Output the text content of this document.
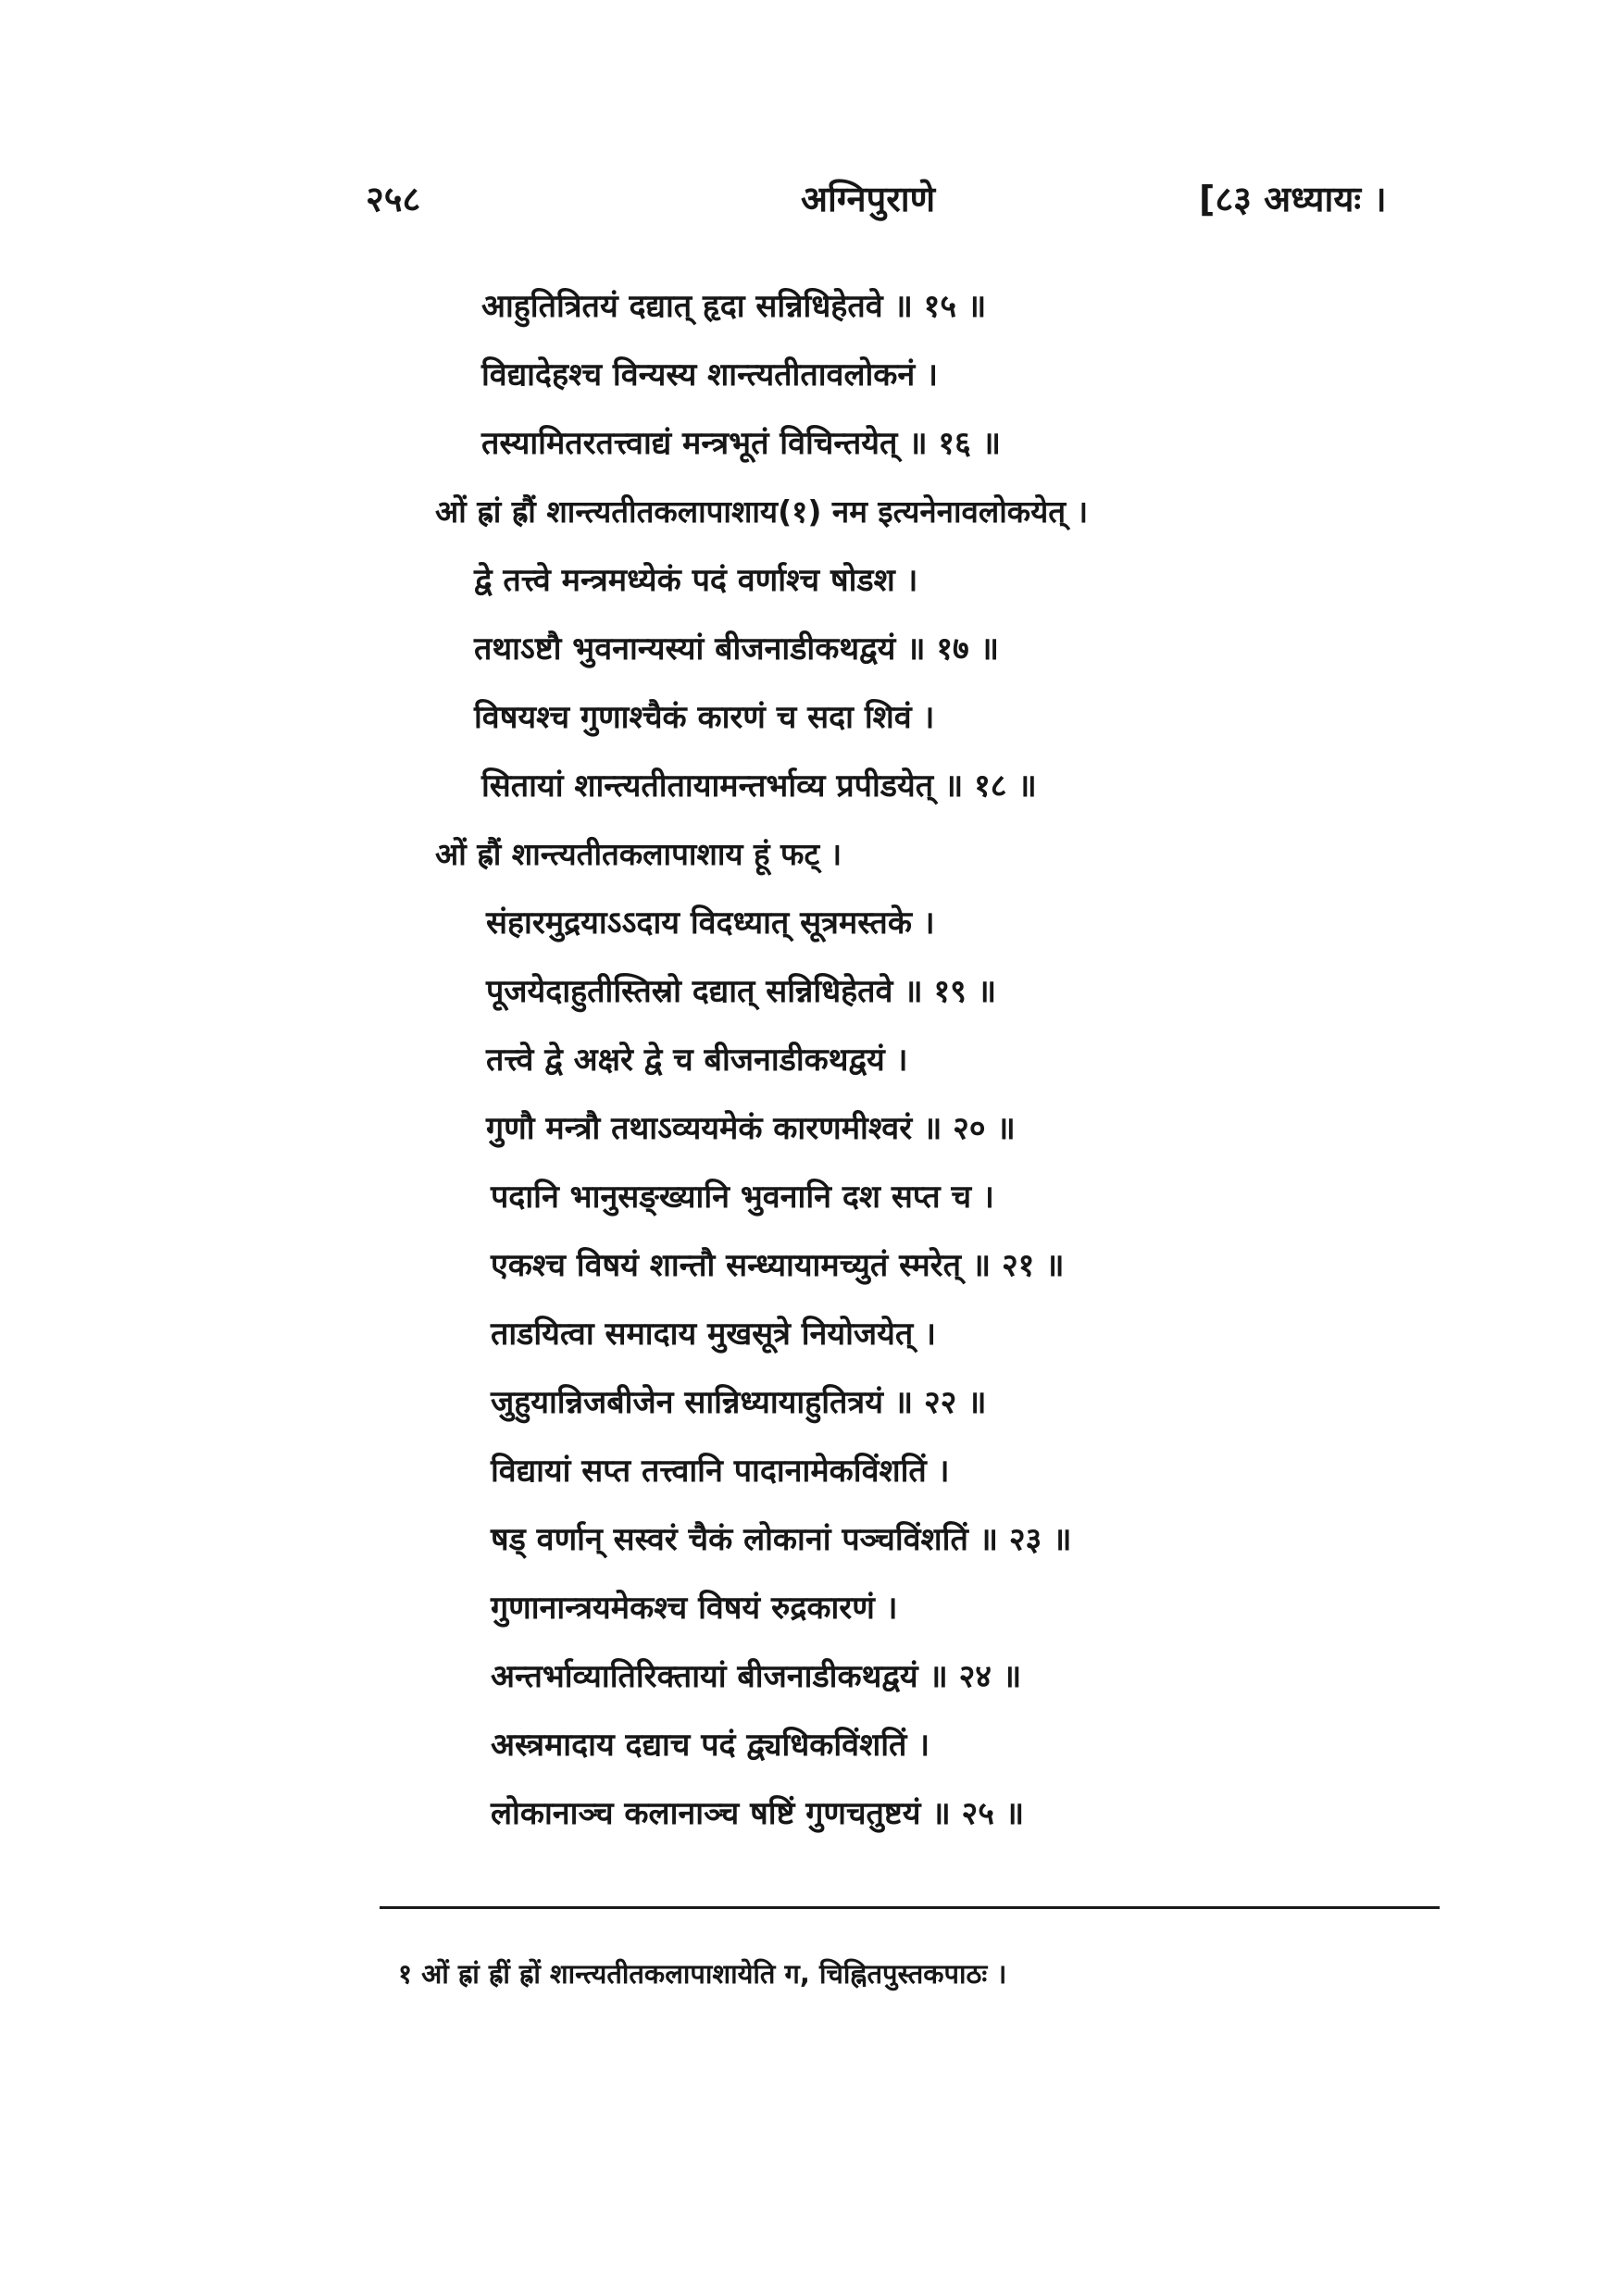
२५८	अग्निपुराणे	[८३ अध्यायः ।
आहुतित्रितयं दद्यात् हृदा सन्निधिहेतवे ॥ १५ ॥
विद्यादेहश्च विन्यस्य शान्त्यतीतावलोकनं ।
तस्यामितरतत्त्वाद्यं मन्त्रभूतं विचिन्तयेत् ॥ १६ ॥
ओं ह्रां ह्रौं शान्त्यतीतकलापाशाय(१) नम इत्यनेनावलोकयेत् ।
द्वे तत्त्वे मन्त्रमध्येकं पदं वर्णाश्च षोडश ।
तथाऽष्टौ भुवनान्यस्यां बीजनाडीकथद्वयं ॥ १७ ॥
विषयश्च गुणाश्चैकं कारणं च सदा शिवं ।
सितायां शान्त्यतीतायामन्तर्भाव्य प्रपीडयेत् ॥ १८ ॥
ओं ह्रौं शान्त्यतीतकलापाशाय हूं फट् ।
संहारमुद्रयाऽऽदाय विदध्यात् सूत्रमस्तके ।
पूजयेदाहुतीस्तिस्रो दद्यात् सन्निधिहेतवे ॥ १९ ॥
तत्त्वे द्वे अक्षरे द्वे च बीजनाडीकथद्वयं ।
गुणौ मन्त्रौ तथाऽव्ययमेकं कारणमीश्वरं ॥ २० ॥
पदानि भानुसङ्ख्यानि भुवनानि दश सप्त च ।
एकश्च विषयं शान्तौ सन्ध्यायामच्युतं स्मरेत् ॥ २१ ॥
ताडयित्वा समादाय मुखसूत्रे नियोजयेत् ।
जुहुयान्निजबीजेन सान्निध्यायाहुतित्रयं ॥ २२ ॥
विद्यायां सप्त तत्त्वानि पादानामेकविंशतिं ।
षड् वर्णान् सस्वरं चैकं लोकानां पञ्चविंशतिं ॥ २३ ॥
गुणानान्त्रयमेकश्च विषयं रुद्रकारणं ।
अन्तर्भाव्यातिरिक्तायां बीजनाडीकथद्वयं ॥ २४ ॥
अस्त्रमादाय दद्याच पदं द्व्यधिकविंशतिं ।
लोकानाञ्च कलानाञ्च षष्टिं गुणचतुष्टयं ॥ २५ ॥
१ ओं ह्रां ह्रीं ह्रों शान्त्यतीतकलापाशायेति ग, चिह्नितपुस्तकपाठः ।
